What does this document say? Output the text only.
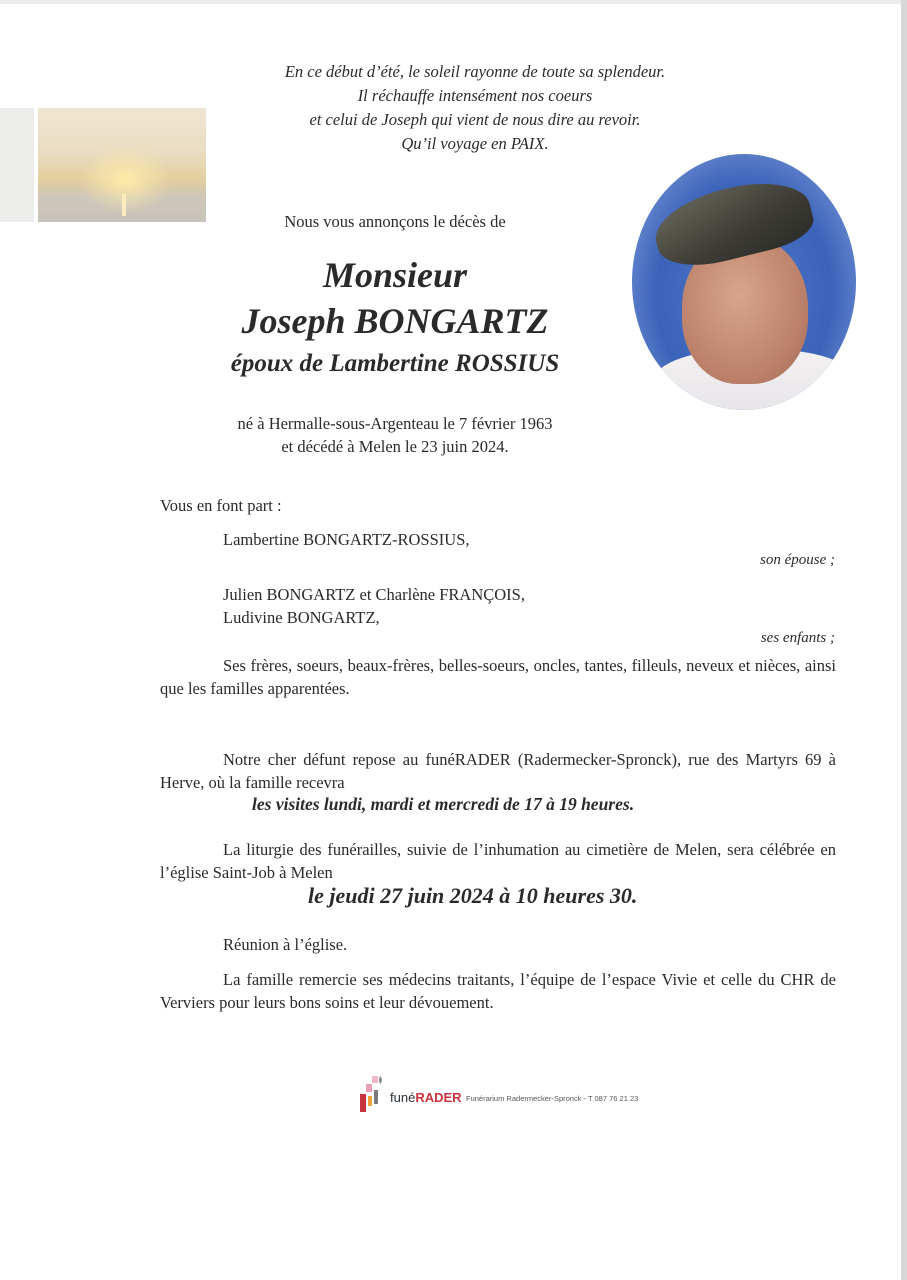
En ce début d’été, le soleil rayonne de toute sa splendeur.
Il réchauffe intensément nos coeurs
et celui de Joseph qui vient de nous dire au revoir.
Qu’il voyage en PAIX.
Nous vous annonçons le décès de
Monsieur
Joseph BONGARTZ
époux de Lambertine ROSSIUS
né à Hermalle-sous-Argenteau le 7 février 1963
et décédé à Melen le 23 juin 2024.
Vous en font part :
Lambertine BONGARTZ-ROSSIUS,
son épouse ;
Julien BONGARTZ et Charlène FRANÇOIS,
Ludivine BONGARTZ,
ses enfants ;
Ses frères, soeurs, beaux-frères, belles-soeurs, oncles, tantes, filleuls, neveux et nièces, ainsi que les familles apparentées.
Notre cher défunt repose au funéRADER (Radermecker-Spronck), rue des Martyrs 69 à Herve, où la famille recevra
les visites lundi, mardi et mercredi de 17 à 19 heures.
La liturgie des funérailles, suivie de l’inhumation au cimetière de Melen, sera célébrée en l’église Saint-Job à Melen
le jeudi 27 juin 2024 à 10 heures 30.
Réunion à l’église.
La famille remercie ses médecins traitants, l’équipe de l’espace Vivie et celle du CHR de Verviers pour leurs bons soins et leur dévouement.
funéRADER Funérarium Radermecker-Spronck - T 087 76 21 23
